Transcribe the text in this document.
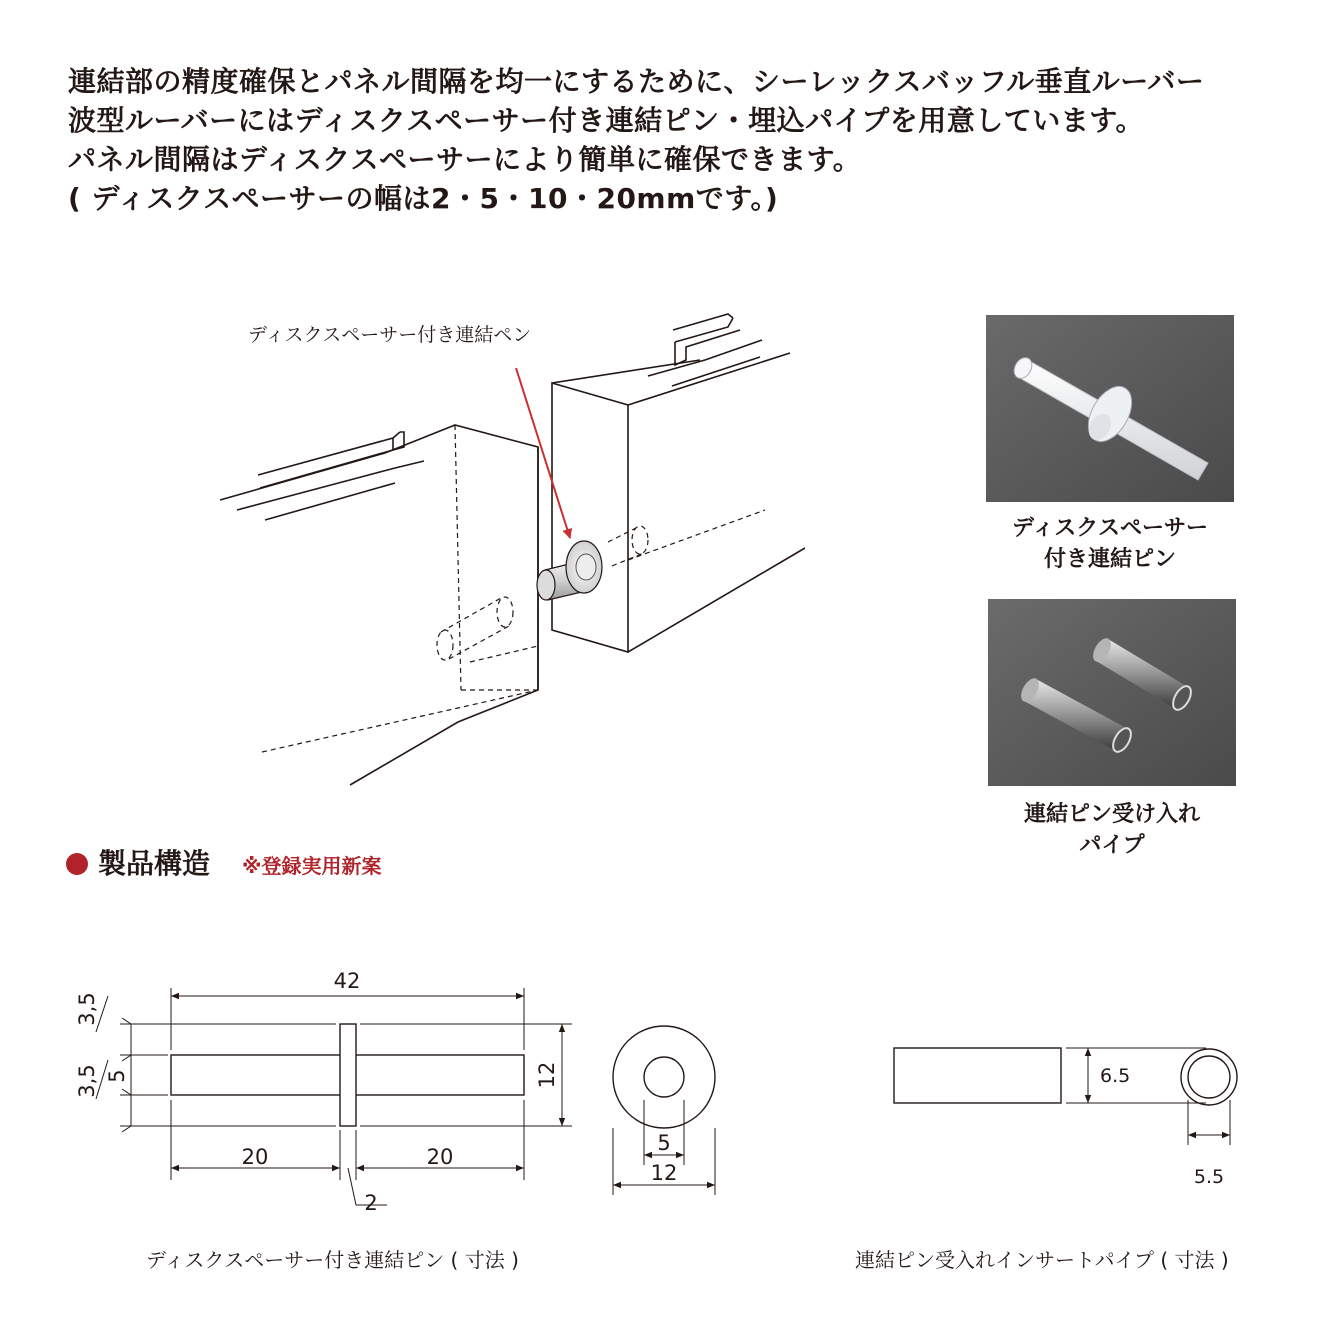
連結部の精度確保とパネル間隔を均一にするために、シーレックスバッフル垂直ルーバー
波型ルーバーにはディスクスペーサー付き連結ピン・埋込パイプを用意しています。
パネル間隔はディスクスペーサーにより簡単に確保できます。
( ディスクスペーサーの幅は2・5・10・20mmです。)
ディスクスペーサー付き連結ペン
42
20	20
2
12
3,5
5
3,5
5
12
6.5
5.5
ディスクスペーサー
付き連結ピン
連結ピン受け入れ
パイプ
製品構造 ※登録実用新案
ディスクスペーサー付き連結ピン ( 寸法 )	連結ピン受入れインサートパイプ ( 寸法 )
